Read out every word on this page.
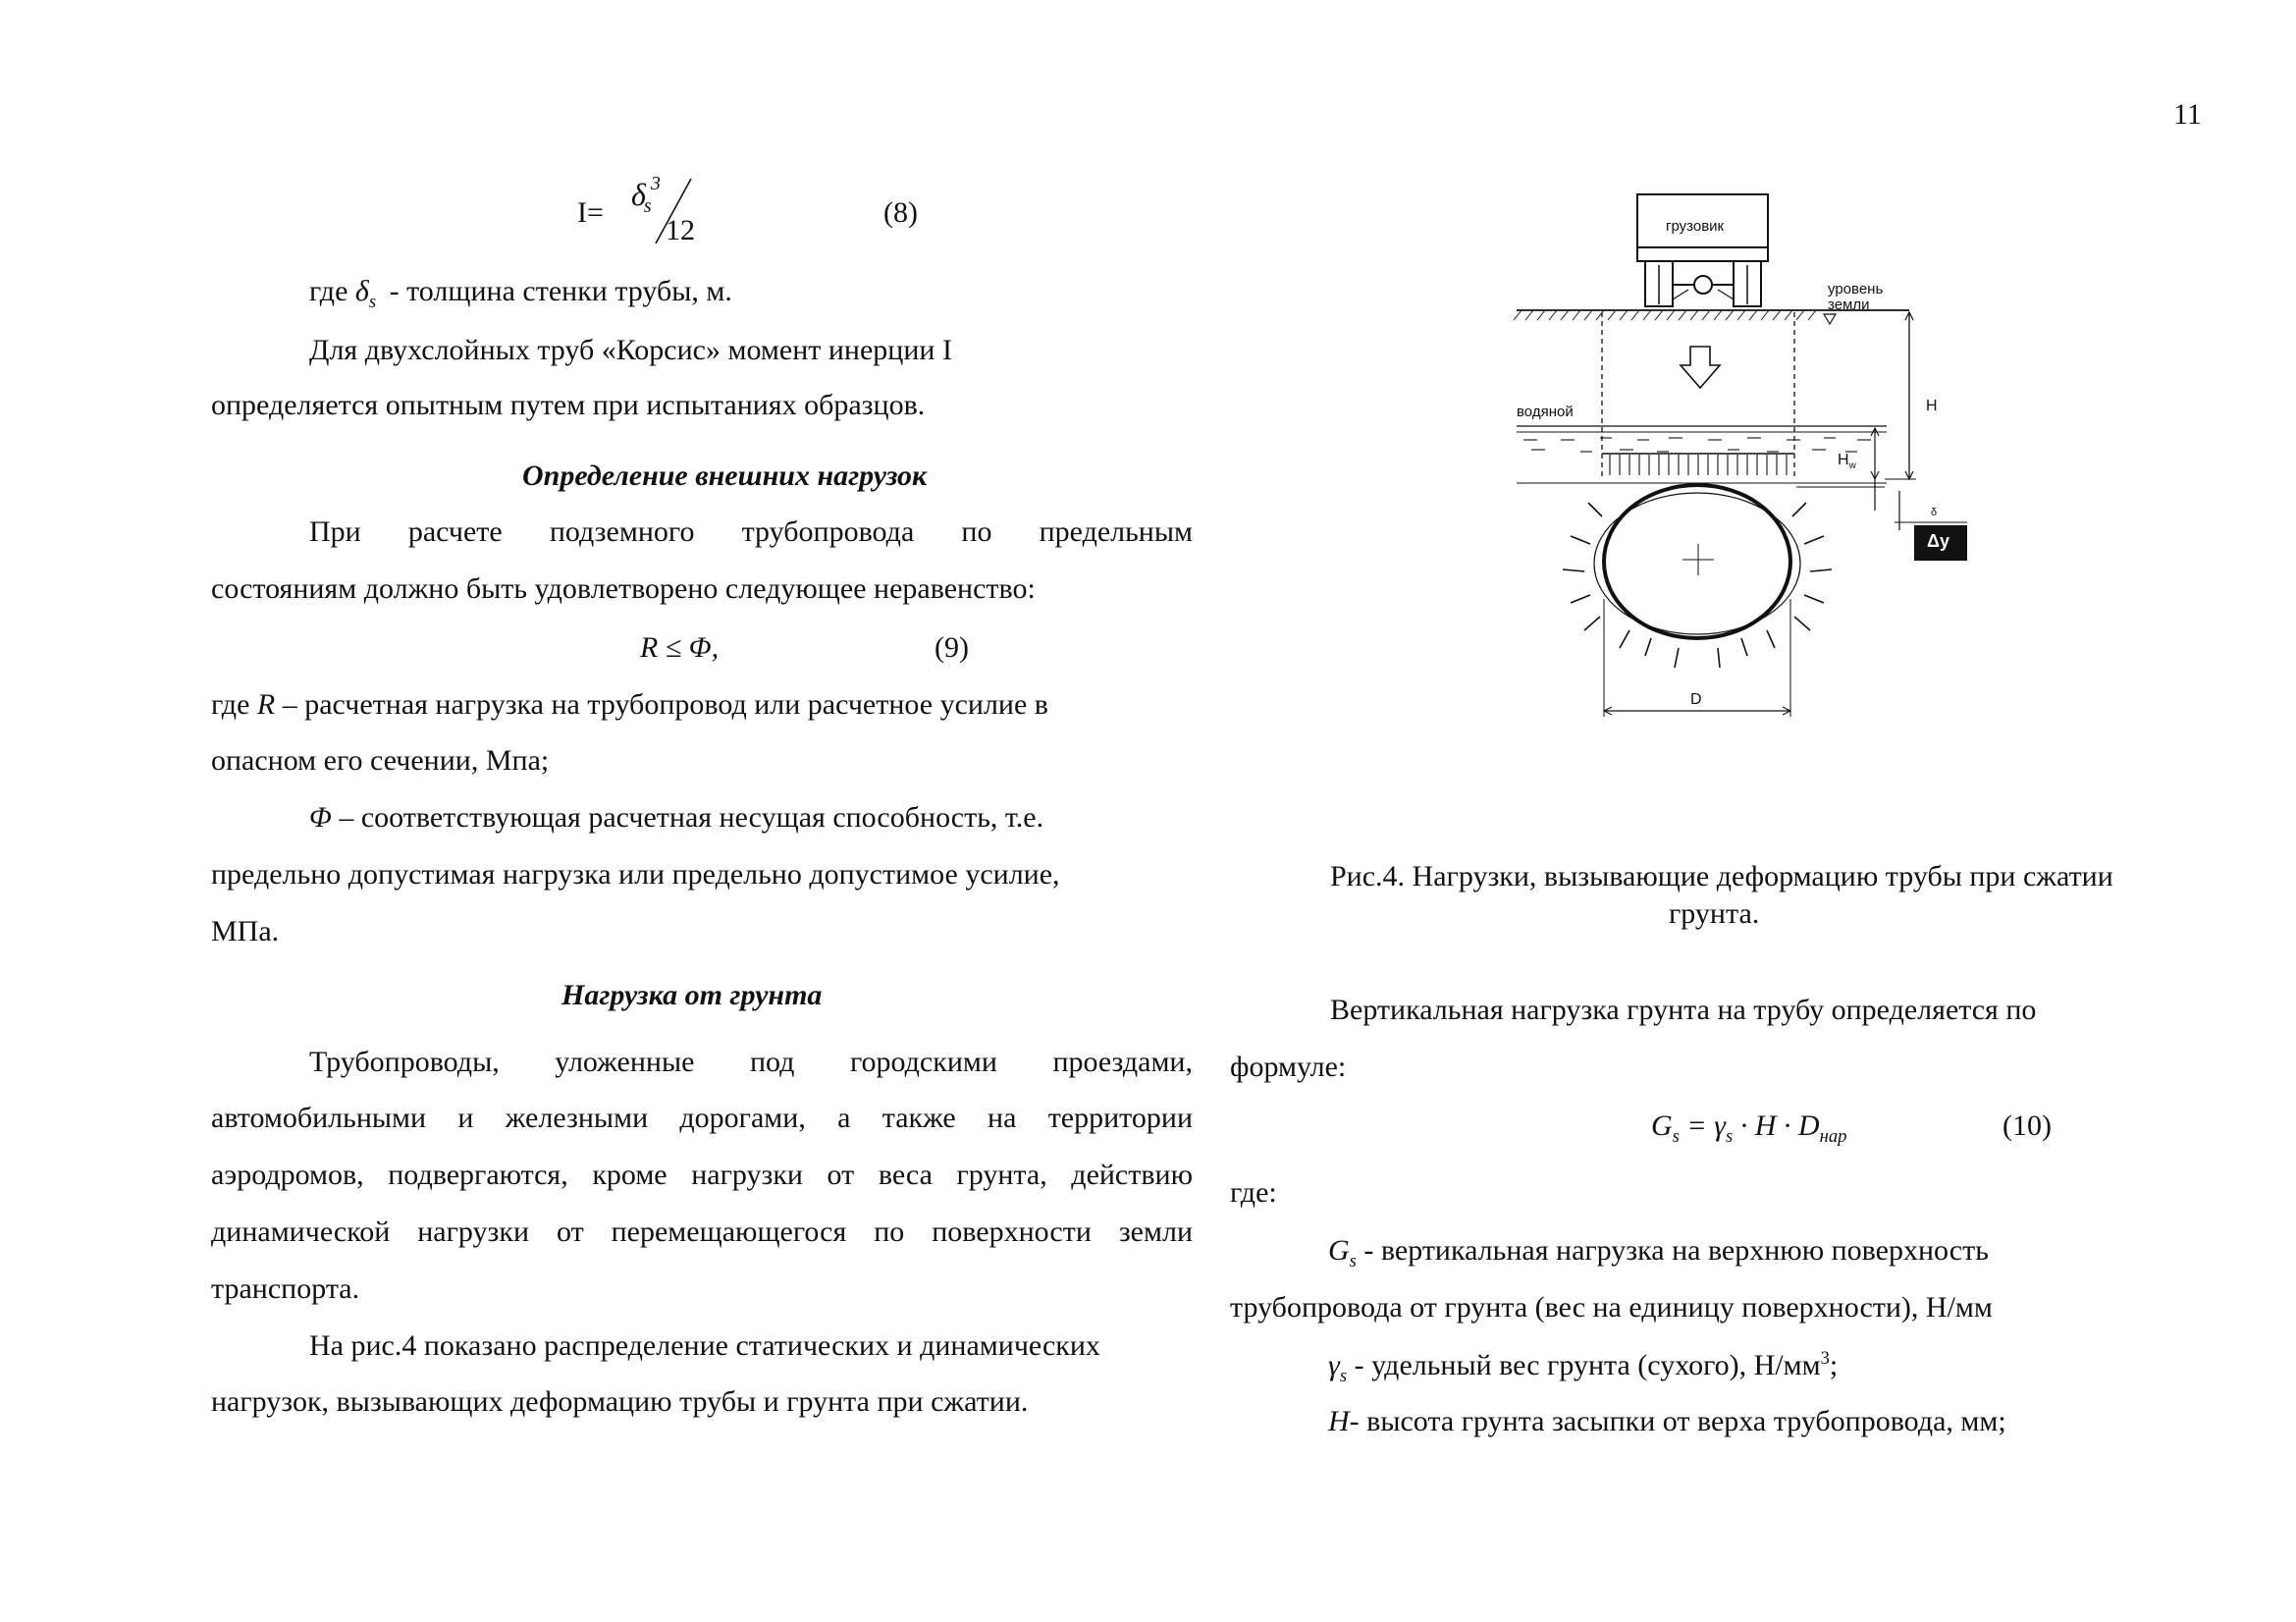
11
I=
$\delta_s$
3
12
(8)
где $\delta_s$ - толщина стенки трубы, м.
Для двухслойных труб «Корсис» момент инерции I
определяется опытным путем при испытаниях образцов.
Определение внешних нагрузок
При расчете подземного трубопровода по предельным
состояниям должно быть удовлетворено следующее неравенство:
R ≤ Φ,	(9)
где R – расчетная нагрузка на трубопровод или расчетное усилие в
опасном его сечении, Мпа;
Φ – соответствующая расчетная несущая способность, т.е.
предельно допустимая нагрузка или предельно допустимое усилие,
МПа.
Нагрузка от грунта
Трубопроводы, уложенные под городскими проездами,
автомобильными и железными дорогами, а также на территории
аэродромов, подвергаются, кроме нагрузки от веса грунта, действию
динамической нагрузки от перемещающегося по поверхности земли
транспорта.
На рис.4 показано распределение статических и динамических
нагрузок, вызывающих деформацию трубы и грунта при сжатии.
грузовик
уровень
земли
водяной	H
$H_w$
δ
Δy
D
Рис.4. Нагрузки, вызывающие деформацию трубы при сжатии
грунта.
Вертикальная нагрузка грунта на трубу определяется по
формуле:
$G_s = \gamma_s \cdot H \cdot D_{нар}$	(10)
где:
$G_s$ - вертикальная нагрузка на верхнюю поверхность
трубопровода от грунта (вес на единицу поверхности), Н/мм
$\gamma_s$ - удельный вес грунта (сухого), $Н/мм^3$;
H- высота грунта засыпки от верха трубопровода, мм;
